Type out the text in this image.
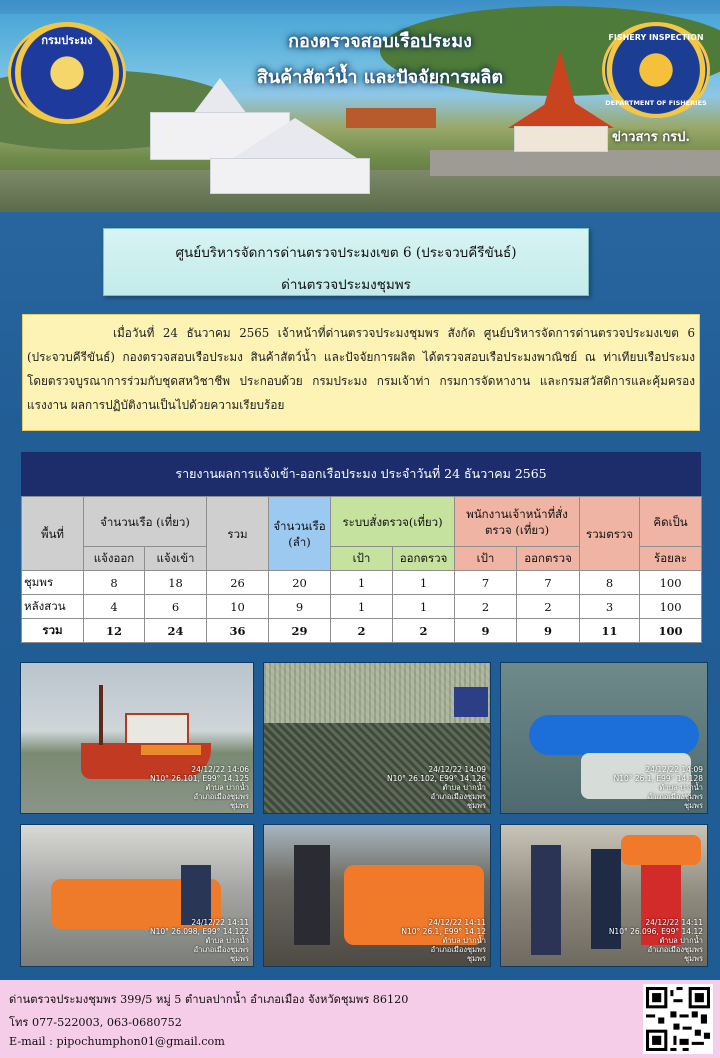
กรมประมง	FISHERY INSPECTION
DEPARTMENT OF FISHERIES
กองตรวจสอบเรือประมง
สินค้าสัตว์น้ำ และปัจจัยการผลิต
ข่าวสาร กรป.
ศูนย์บริหารจัดการด่านตรวจประมงเขต 6 (ประจวบคีรีขันธ์)
ด่านตรวจประมงชุมพร
เมื่อวันที่ 24 ธันวาคม 2565 เจ้าหน้าที่ด่านตรวจประมงชุมพร สังกัด ศูนย์บริหารจัดการด่านตรวจประมงเขต 6 (ประจวบคีรีขันธ์) กองตรวจสอบเรือประมง สินค้าสัตว์น้ำ และปัจจัยการผลิต ได้ตรวจสอบเรือประมงพาณิชย์ ณ ท่าเทียบเรือประมง โดยตรวจบูรณาการร่วมกับชุดสหวิชาชีพ ประกอบด้วย กรมประมง กรมเจ้าท่า กรมการจัดหางาน และกรมสวัสดิการและคุ้มครองแรงงาน ผลการปฏิบัติงานเป็นไปด้วยความเรียบร้อย
รายงานผลการแจ้งเข้า-ออกเรือประมง ประจำวันที่ 24 ธันวาคม 2565
พื้นที่	จำนวนเรือ (เที่ยว)		รวม	จำนวนเรือ (ลำ)	ระบบสั่งตรวจ(เที่ยว)		พนักงานเจ้าหน้าที่สั่งตรวจ (เที่ยว)		รวมตรวจ	คิดเป็น
	แจ้งออก	แจ้งเข้า			เป้า	ออกตรวจ	เป้า	ออกตรวจ		ร้อยละ
ชุมพร	8	18	26	20	1	1	7	7	8	100
หลังสวน	4	6	10	9	1	1	2	2	3	100
รวม	12	24	36	29	2	2	9	9	11	100
24/12/22 14:06
N10° 26.101, E99° 14.125
ตำบล ปากน้ำ
อำเภอเมืองชุมพร
ชุมพร
24/12/22 14:09
N10° 26.102, E99° 14.126
ตำบล ปากน้ำ
อำเภอเมืองชุมพร
ชุมพร
24/12/22 14:09
N10° 26.1, E99° 14.128
ตำบล ปากน้ำ
อำเภอเมืองชุมพร
ชุมพร
24/12/22 14:11
N10° 26.098, E99° 14.122
ตำบล ปากน้ำ
อำเภอเมืองชุมพร
ชุมพร
24/12/22 14:11
N10° 26.1, E99° 14.12
ตำบล ปากน้ำ
อำเภอเมืองชุมพร
ชุมพร
24/12/22 14:11
N10° 26.096, E99° 14.12
ตำบล ปากน้ำ
อำเภอเมืองชุมพร
ชุมพร
ด่านตรวจประมงชุมพร 399/5 หมู่ 5 ตำบลปากน้ำ อำเภอเมือง จังหวัดชุมพร 86120
โทร 077-522003, 063-0680752
E-mail : pipochumphon01@gmail.com
